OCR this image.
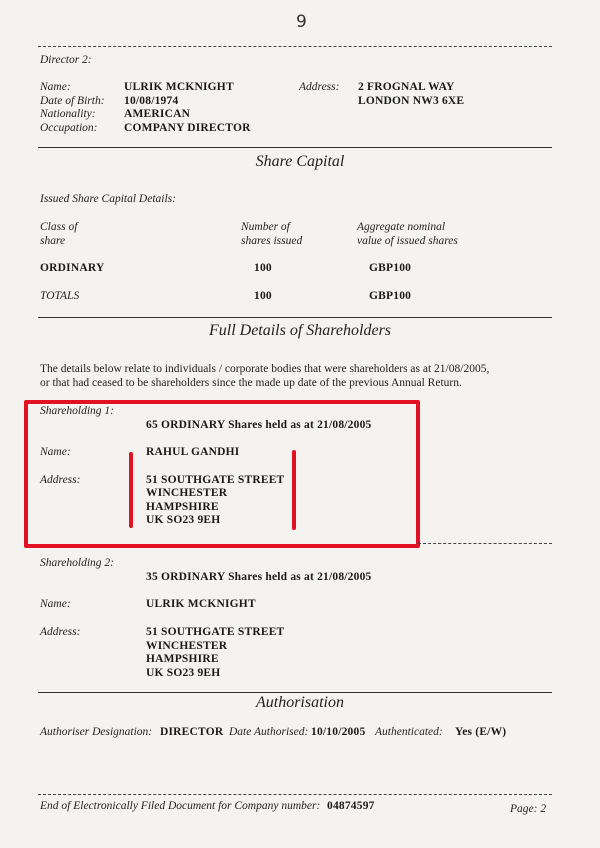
9
Director 2:
Name:	ULRIK MCKNIGHT
Date of Birth: 10/08/1974
Nationality: AMERICAN
Occupation: COMPANY DIRECTOR
Address: 2 FROGNAL WAY
LONDON NW3 6XE
Share Capital
Issued Share Capital Details:
Class of
share
Number of
shares issued
Aggregate nominal
value of issued shares
ORDINARY	100	GBP100
TOTALS	100	GBP100
Full Details of Shareholders
The details below relate to individuals / corporate bodies that were shareholders as at 21/08/2005,
or that had ceased to be shareholders since the made up date of the previous Annual Return.
Shareholding 1:
65 ORDINARY Shares held as at 21/08/2005
Name:	RAHUL GANDHI
Address:	51 SOUTHGATE STREET
WINCHESTER
HAMPSHIRE
UK SO23 9EH
Shareholding 2:
35 ORDINARY Shares held as at 21/08/2005
Name:	ULRIK MCKNIGHT
Address:	51 SOUTHGATE STREET
WINCHESTER
HAMPSHIRE
UK SO23 9EH
Authorisation
Authoriser Designation: DIRECTOR Date Authorised: 10/10/2005 Authenticated: Yes (E/W)
End of Electronically Filed Document for Company number: 04874597	Page: 2
